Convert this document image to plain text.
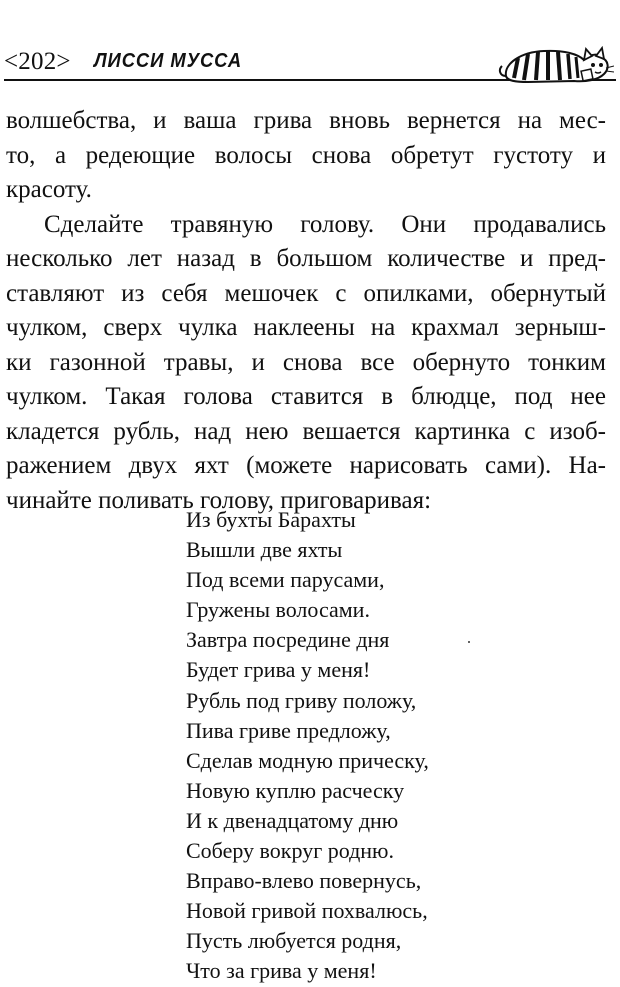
<202> ЛИССИ МУССА

волшебства, и ваша грива вновь вернется на мес-
то, а редеющие волосы снова обретут густоту и
красоту.

Сделайте травяную голову. Они продавались
несколько лет назад в большом количестве и пред-
ставляют из себя мешочек с опилками, обернутый
чулком, сверх чулка наклеены на крахмал зерныш-
ки газонной травы, и снова все обернуто тонким
чулком. Такая голова ставится в блюдце, под нее
кладется рубль, над нею вешается картинка с изоб-
ражением двух яхт (можете нарисовать сами). На-
чинайте поливать голову, приговаривая:

Из бухты Барахты
Вышли две яхты
Под всеми парусами,
Гружены волосами.
Завтра посредине дня
Будет грива у меня!
Рубль под гриву положу,
Пива гриве предложу,
Сделав модную прическу,
Новую куплю расческу
И к двенадцатому дню
Соберу вокруг родню.
Вправо-влево повернусь,
Новой гривой похвалюсь,
Пусть любуется родня,
Что за грива у меня!
